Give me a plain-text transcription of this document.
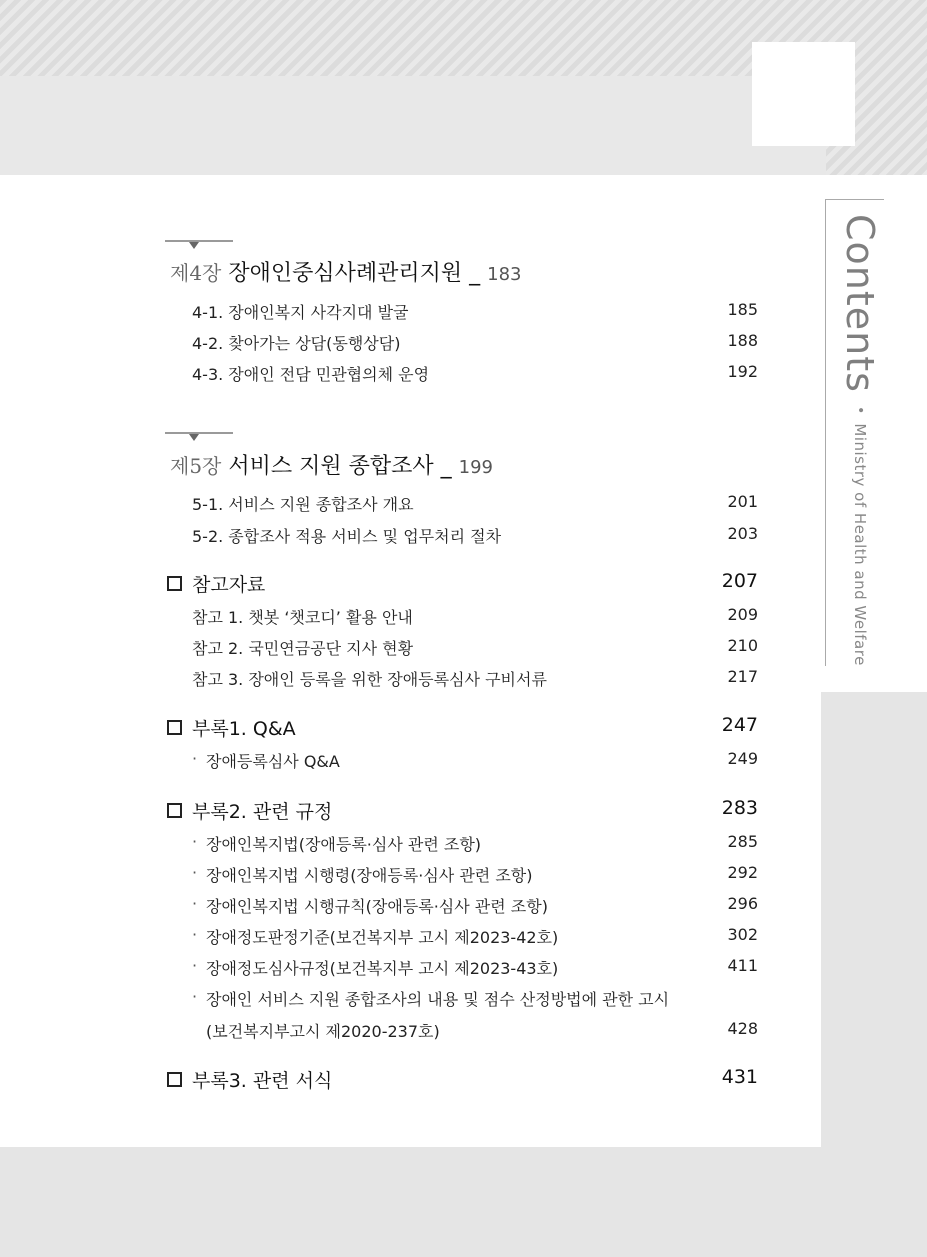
Contents • Ministry of Health and Welfare
제4장 장애인중심사례관리지원 _ 183
4-1. 장애인복지 사각지대 발굴	185
4-2. 찾아가는 상담(동행상담)	188
4-3. 장애인 전담 민관협의체 운영	192
제5장 서비스 지원 종합조사 _ 199
5-1. 서비스 지원 종합조사 개요	201
5-2. 종합조사 적용 서비스 및 업무처리 절차	203
참고자료	207
참고 1. 챗봇 ‘챗코디’ 활용 안내	209
참고 2. 국민연금공단 지사 현황	210
참고 3. 장애인 등록을 위한 장애등록심사 구비서류	217
부록1. Q&A	247
· 장애등록심사 Q&A	249
부록2. 관련 규정	283
· 장애인복지법(장애등록·심사 관련 조항)	285
· 장애인복지법 시행령(장애등록·심사 관련 조항)	292
· 장애인복지법 시행규칙(장애등록·심사 관련 조항)	296
· 장애정도판정기준(보건복지부 고시 제2023-42호)	302
· 장애정도심사규정(보건복지부 고시 제2023-43호)	411
· 장애인 서비스 지원 종합조사의 내용 및 점수 산정방법에 관한 고시
(보건복지부고시 제2020-237호)	428
부록3. 관련 서식	431
